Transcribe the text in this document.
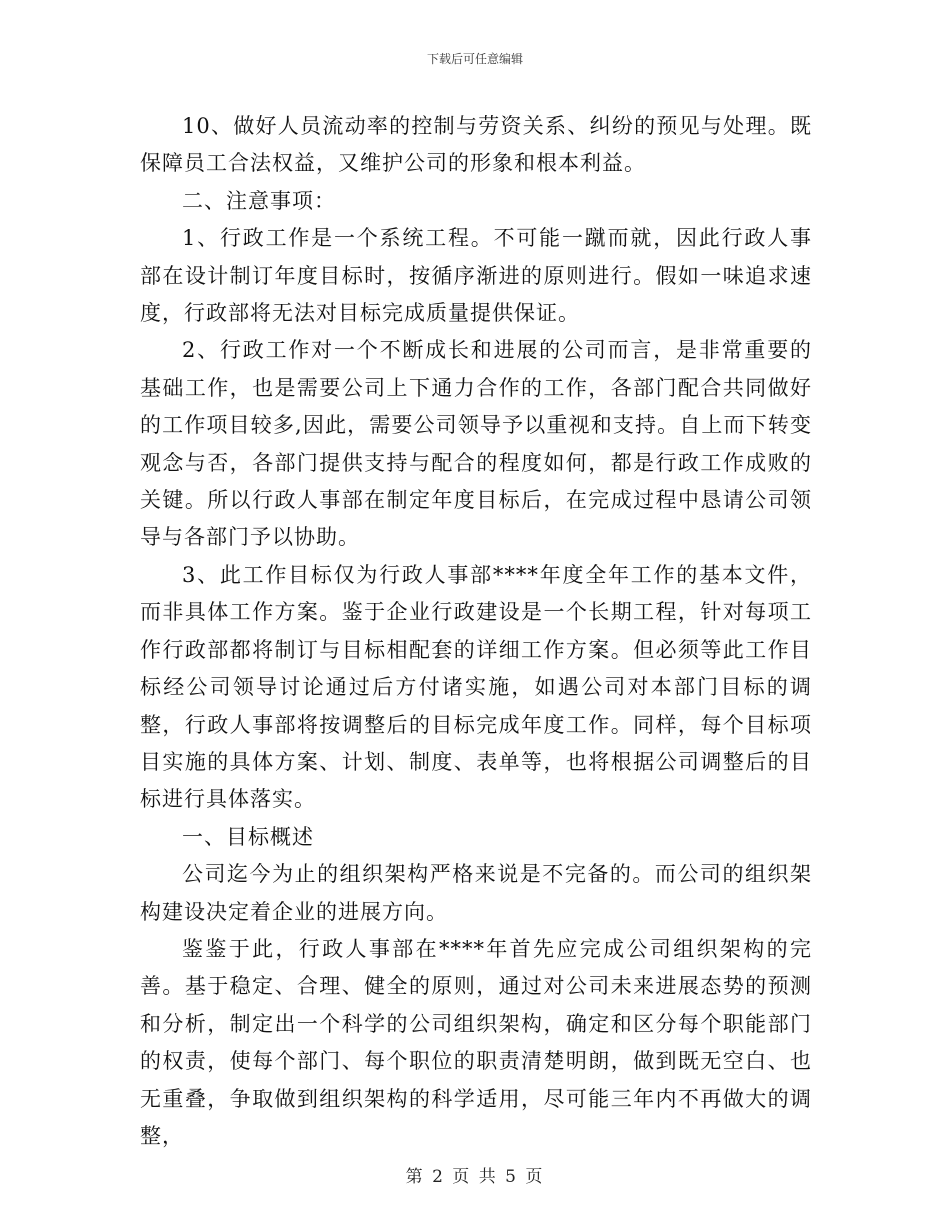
下载后可任意编辑

10、做好人员流动率的控制与劳资关系、纠纷的预见与处理。既保障员工合法权益，又维护公司的形象和根本利益。

二、注意事项：

1、行政工作是一个系统工程。不可能一蹴而就，因此行政人事部在设计制订年度目标时，按循序渐进的原则进行。假如一味追求速度，行政部将无法对目标完成质量提供保证。

2、行政工作对一个不断成长和进展的公司而言，是非常重要的基础工作，也是需要公司上下通力合作的工作，各部门配合共同做好的工作项目较多,因此，需要公司领导予以重视和支持。自上而下转变观念与否，各部门提供支持与配合的程度如何，都是行政工作成败的关键。所以行政人事部在制定年度目标后，在完成过程中恳请公司领导与各部门予以协助。

3、此工作目标仅为行政人事部****年度全年工作的基本文件，而非具体工作方案。鉴于企业行政建设是一个长期工程，针对每项工作行政部都将制订与目标相配套的详细工作方案。但必须等此工作目标经公司领导讨论通过后方付诸实施，如遇公司对本部门目标的调整，行政人事部将按调整后的目标完成年度工作。同样，每个目标项目实施的具体方案、计划、制度、表单等，也将根据公司调整后的目标进行具体落实。

一、目标概述

公司迄今为止的组织架构严格来说是不完备的。而公司的组织架构建设决定着企业的进展方向。

鉴鉴于此，行政人事部在****年首先应完成公司组织架构的完善。基于稳定、合理、健全的原则，通过对公司未来进展态势的预测和分析，制定出一个科学的公司组织架构，确定和区分每个职能部门的权责，使每个部门、每个职位的职责清楚明朗，做到既无空白、也无重叠，争取做到组织架构的科学适用，尽可能三年内不再做大的调整，

第 2 页 共 5 页
